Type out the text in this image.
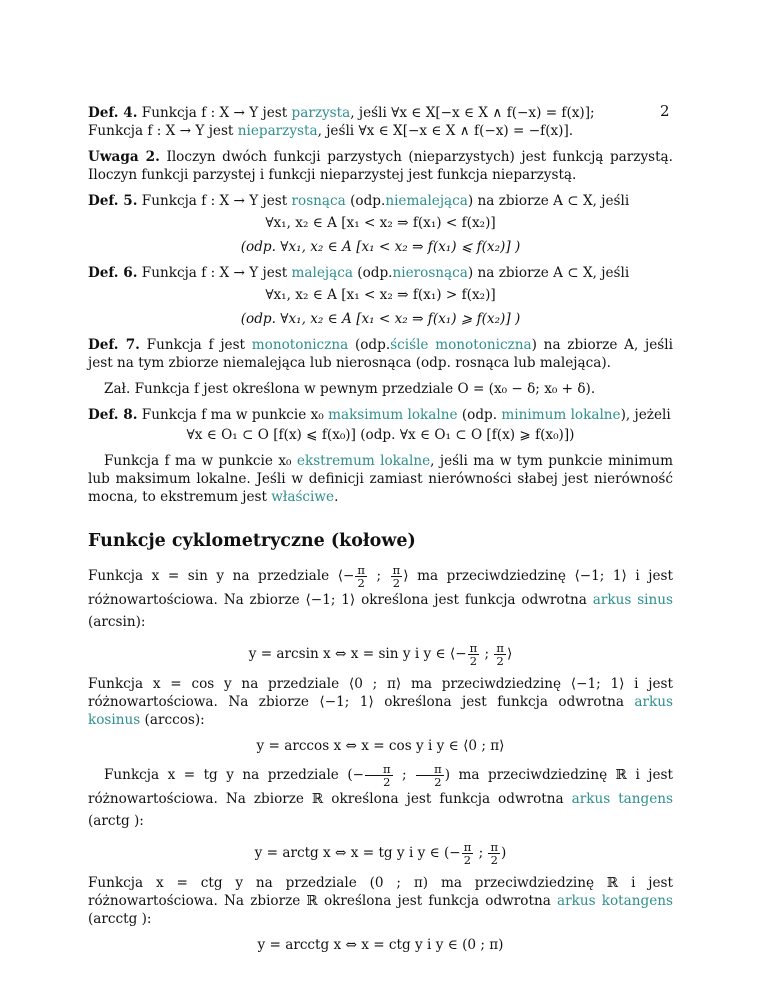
2
Def. 4. Funkcja f : X → Y jest parzysta, jeśli ∀x ∈ X[−x ∈ X ∧ f(−x) = f(x)];
Funkcja f : X → Y jest nieparzysta, jeśli ∀x ∈ X[−x ∈ X ∧ f(−x) = −f(x)].
Uwaga 2. Iloczyn dwóch funkcji parzystych (nieparzystych) jest funkcją parzystą. Iloczyn funkcji parzystej i funkcji nieparzystej jest funkcja nieparzystą.
Def. 5. Funkcja f : X → Y jest rosnąca (odp.niemalejąca) na zbiorze A ⊂ X, jeśli
∀x₁, x₂ ∈ A [x₁ < x₂ ⇒ f(x₁) < f(x₂)]
(odp. ∀x₁, x₂ ∈ A [x₁ < x₂ ⇒ f(x₁) ⩽ f(x₂)] )
Def. 6. Funkcja f : X → Y jest malejąca (odp.nierosnąca) na zbiorze A ⊂ X, jeśli
∀x₁, x₂ ∈ A [x₁ < x₂ ⇒ f(x₁) > f(x₂)]
(odp. ∀x₁, x₂ ∈ A [x₁ < x₂ ⇒ f(x₁) ⩾ f(x₂)] )
Def. 7. Funkcja f jest monotoniczna (odp.ściśle monotoniczna) na zbiorze A, jeśli jest na tym zbiorze niemalejąca lub nierosnąca (odp. rosnąca lub malejąca).
Zał. Funkcja f jest określona w pewnym przedziale O = (x₀ − δ; x₀ + δ).
Def. 8. Funkcja f ma w punkcie x₀ maksimum lokalne (odp. minimum lokalne), jeżeli
∀x ∈ O₁ ⊂ O [f(x) ⩽ f(x₀)] (odp. ∀x ∈ O₁ ⊂ O [f(x) ⩾ f(x₀)])
Funkcja f ma w punkcie x₀ ekstremum lokalne, jeśli ma w tym punkcie minimum lub maksimum lokalne. Jeśli w definicji zamiast nierówności słabej jest nierówność mocna, to ekstremum jest właściwe.
Funkcje cyklometryczne (kołowe)
Funkcja x = sin y na przedziale ⟨− $\frac{\pi}{2}$ ; $\frac{\pi}{2}$ ⟩ ma przeciwdziedzinę ⟨−1; 1⟩ i jest różnowartościowa. Na zbiorze ⟨−1; 1⟩ określona jest funkcja odwrotna arkus sinus (arcsin):
y = arcsin x ⇔ x = sin y i y ∈ ⟨− $\frac{\pi}{2}$ ; $\frac{\pi}{2}$ ⟩
Funkcja x = cos y na przedziale ⟨0 ; π⟩ ma przeciwdziedzinę ⟨−1; 1⟩ i jest różnowartościowa. Na zbiorze ⟨−1; 1⟩ określona jest funkcja odwrotna arkus kosinus (arccos):
y = arccos x ⇔ x = cos y i y ∈ ⟨0 ; π⟩
Funkcja x = tg y na przedziale (− $\frac{\pi}{2}$ ; $\frac{\pi}{2}$ ) ma przeciwdziedzinę ℝ i jest różnowartościowa. Na zbiorze ℝ określona jest funkcja odwrotna arkus tangens (arctg ):
y = arctg x ⇔ x = tg y i y ∈ (− $\frac{\pi}{2}$ ; $\frac{\pi}{2}$ )
Funkcja x = ctg y na przedziale (0 ; π) ma przeciwdziedzinę ℝ i jest różnowartościowa. Na zbiorze ℝ określona jest funkcja odwrotna arkus kotangens (arcctg ):
y = arcctg x ⇔ x = ctg y i y ∈ (0 ; π)
